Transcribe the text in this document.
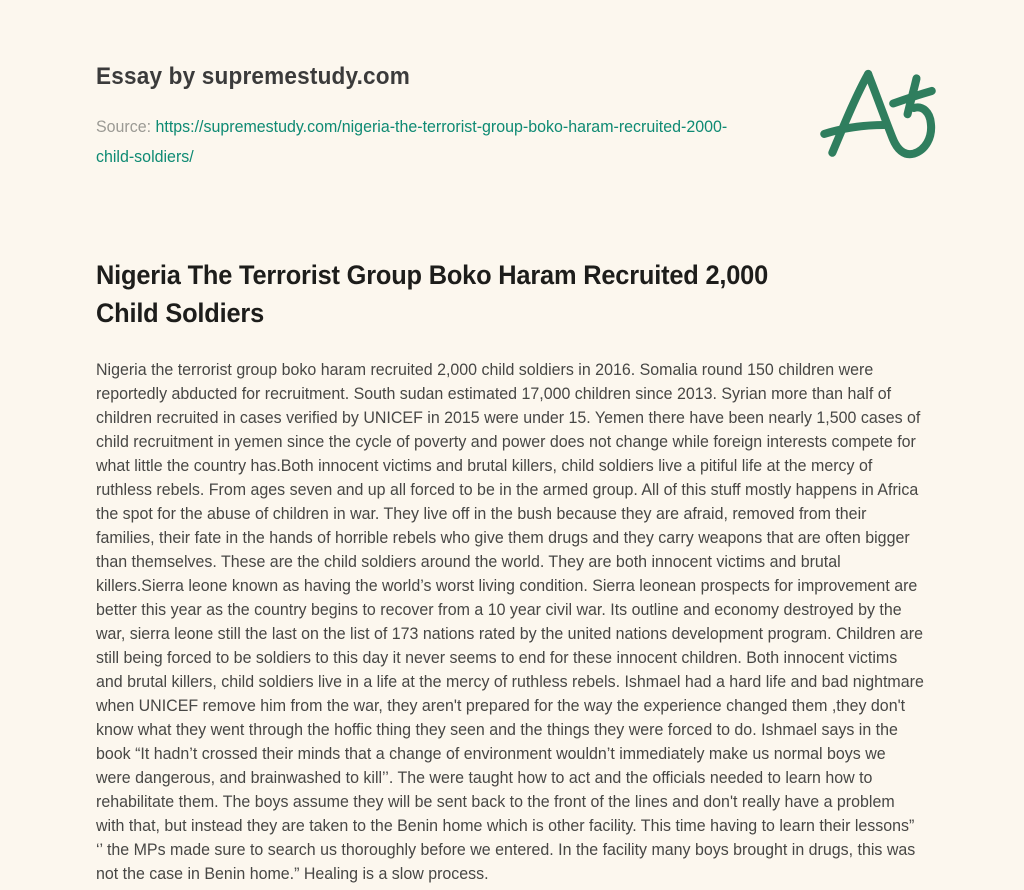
Essay by supremestudy.com

Source: https://supremestudy.com/nigeria-the-terrorist-group-boko-haram-recruited-2000-
child-soldiers/

Nigeria The Terrorist Group Boko Haram Recruited 2,000
Child Soldiers

Nigeria the terrorist group boko haram recruited 2,000 child soldiers in 2016. Somalia round 150 children were reportedly abducted for recruitment. South sudan estimated 17,000 children since 2013. Syrian more than half of children recruited in cases verified by UNICEF in 2015 were under 15. Yemen there have been nearly 1,500 cases of child recruitment in yemen since the cycle of poverty and power does not change while foreign interests compete for what little the country has.Both innocent victims and brutal killers, child soldiers live a pitiful life at the mercy of ruthless rebels. From ages seven and up all forced to be in the armed group. All of this stuff mostly happens in Africa the spot for the abuse of children in war. They live off in the bush because they are afraid, removed from their families, their fate in the hands of horrible rebels who give them drugs and they carry weapons that are often bigger than themselves. These are the child soldiers around the world. They are both innocent victims and brutal killers.Sierra leone known as having the world’s worst living condition. Sierra leonean prospects for improvement are better this year as the country begins to recover from a 10 year civil war. Its outline and economy destroyed by the war, sierra leone still the last on the list of 173 nations rated by the united nations development program. Children are still being forced to be soldiers to this day it never seems to end for these innocent children. Both innocent victims and brutal killers, child soldiers live in a life at the mercy of ruthless rebels. Ishmael had a hard life and bad nightmare when UNICEF remove him from the war, they aren't prepared for the way the experience changed them ,they don't know what they went through the hoffic thing they seen and the things they were forced to do. Ishmael says in the book “It hadn’t crossed their minds that a change of environment wouldn’t immediately make us normal boys we were dangerous, and brainwashed to kill’’. The were taught how to act and the officials needed to learn how to rehabilitate them. The boys assume they will be sent back to the front of the lines and don't really have a problem with that, but instead they are taken to the Benin home which is other facility. This time having to learn their lessons” ‘’ the MPs made sure to search us thoroughly before we entered. In the facility many boys brought in drugs, this was not the case in Benin home.” Healing is a slow process.
